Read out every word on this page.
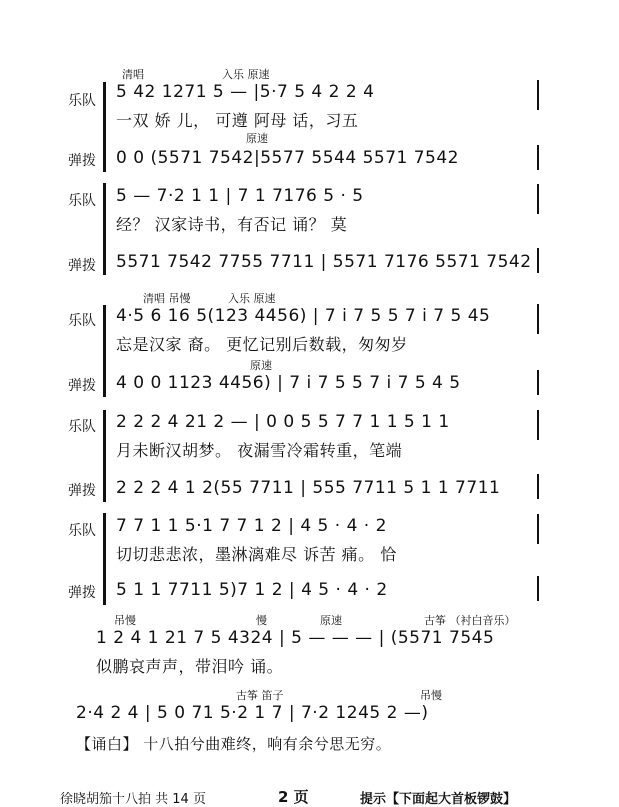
乐队
弹拨
清唱	入乐 原速
原速
5 42 1271 5 — |5·7 5 4 2 2 4
一双 娇 儿， 可遵 阿母 话，习五
0 0 (5571 7542|5577 5544 5571 7542
乐队
弹拨
5 — 7·2 1 1 | 7 1 7176 5 · 5
经？ 汉家诗书，有否记 诵？ 莫
5571 7542 7755 7711 | 5571 7176 5571 7542
乐队
弹拨
清唱 吊慢	入乐 原速
原速
4·5 6 16 5(123 4456) | 7 i 7 5 5 7 i 7 5 45
忘是汉家 裔。 更忆记别后数载，匆匆岁
4 0 0 1123 4456) | 7 i 7 5 5 7 i 7 5 4 5
乐队
弹拨
2 2 2 4 21 2 — | 0 0 5 5 7 7 1 1 5 1 1
月未断汉胡梦。 夜漏雪冷霜转重，笔端
2 2 2 4 1 2(55 7711 | 555 7711 5 1 1 7711
乐队
弹拨
7 7 1 1 5·1 7 7 1 2 | 4 5 · 4 · 2
切切悲悲浓，墨淋漓难尽 诉苦 痛。 恰
5 1 1 7711 5)7 1 2 | 4 5 · 4 · 2
吊慢	慢	原速	古筝 （衬白音乐）
1 2 4 1 21 7 5 4324 | 5 — — — | (5571 7545
似鹏哀声声，带泪吟 诵。
古筝 笛子	吊慢
2·4 2 4 | 5 0 71 5·2 1 7 | 7·2 1245 2 —)
【诵白】 十八拍兮曲难终，响有余兮思无穷。
徐晓胡笳十八拍 共 14 页	2 页	提示【下面起大首板锣鼓】
